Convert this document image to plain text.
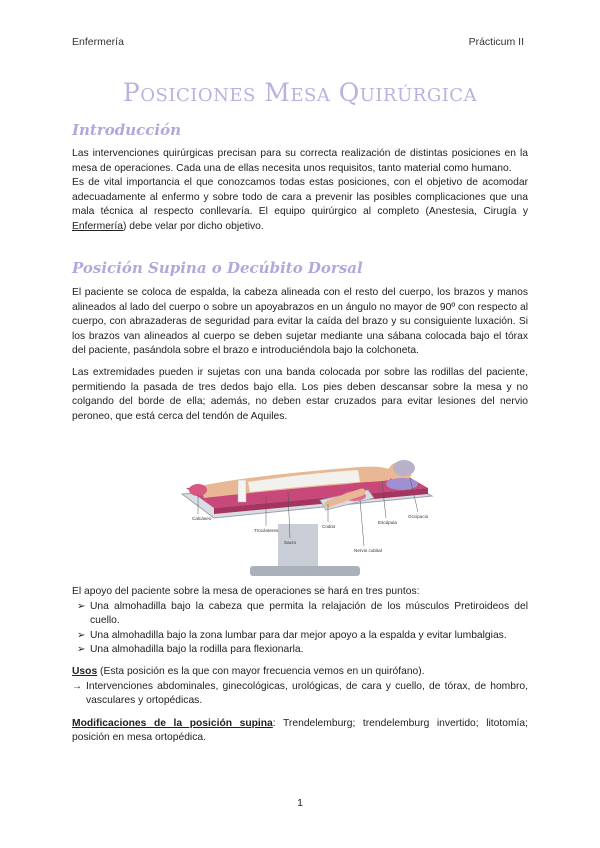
Enfermería	Prácticum II
Posiciones Mesa Quirúrgica
Introducción

Las intervenciones quirúrgicas precisan para su correcta realización de distintas posiciones en la mesa de operaciones. Cada una de ellas necesita unos requisitos, tanto material como humano.

Es de vital importancia el que conozcamos todas estas posiciones, con el objetivo de acomodar adecuadamente al enfermo y sobre todo de cara a prevenir las posibles complicaciones que una mala técnica al respecto conllevaría. El equipo quirúrgico al completo (Anestesia, Cirugía y Enfermería) debe velar por dicho objetivo.

Posición Supina o Decúbito Dorsal

El paciente se coloca de espalda, la cabeza alineada con el resto del cuerpo, los brazos y manos alineados al lado del cuerpo o sobre un apoyabrazos en un ángulo no mayor de 90º con respecto al cuerpo, con abrazaderas de seguridad para evitar la caída del brazo y su consiguiente luxación. Si los brazos van alineados al cuerpo se deben sujetar mediante una sábana colocada bajo el tórax del paciente, pasándola sobre el brazo e introduciéndola bajo la colchoneta.

Las extremidades pueden ir sujetas con una banda colocada por sobre las rodillas del paciente, permitiendo la pasada de tres dedos bajo ella. Los pies deben descansar sobre la mesa y no colgando del borde de ella; además, no deben estar cruzados para evitar lesiones del nervio peroneo, que está cerca del tendón de Aquiles.

Calcáneo
Trocánteres
Sacro
Codos
Nervio cubital
Escápula
Occipucio

El apoyo del paciente sobre la mesa de operaciones se hará en tres puntos:

➢ Una almohadilla bajo la cabeza que permita la relajación de los músculos Pretiroideos del cuello.
➢ Una almohadilla bajo la zona lumbar para dar mejor apoyo a la espalda y evitar lumbalgias.
➢ Una almohadilla bajo la rodilla para flexionarla.

Usos (Esta posición es la que con mayor frecuencia vemos en un quirófano).

→ Intervenciones abdominales, ginecológicas, urológicas, de cara y cuello, de tórax, de hombro, vasculares y ortopédicas.

Modificaciones de la posición supina: Trendelemburg; trendelemburg invertido; litotomía; posición en mesa ortopédica.

1
